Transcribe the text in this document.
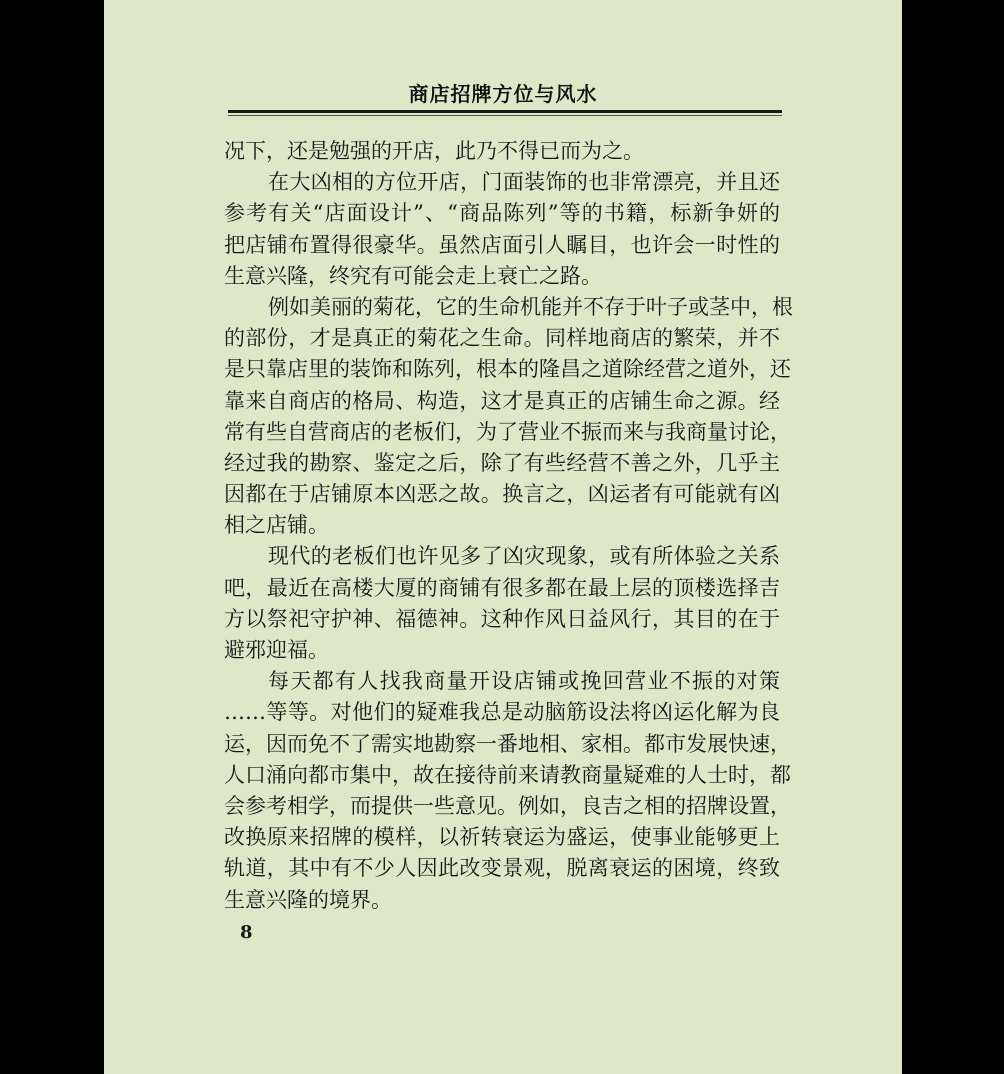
商店招牌方位与风水
况下，还是勉强的开店，此乃不得已而为之。
在大凶相的方位开店，门面装饰的也非常漂亮，并且还
参考有关“店面设计”、“商品陈列”等的书籍，标新争妍的
把店铺布置得很豪华。虽然店面引人瞩目，也许会一时性的
生意兴隆，终究有可能会走上衰亡之路。
例如美丽的菊花，它的生命机能并不存于叶子或茎中，根
的部份，才是真正的菊花之生命。同样地商店的繁荣，并不
是只靠店里的装饰和陈列，根本的隆昌之道除经营之道外，还
靠来自商店的格局、构造，这才是真正的店铺生命之源。经
常有些自营商店的老板们，为了营业不振而来与我商量讨论，
经过我的勘察、鉴定之后，除了有些经营不善之外，几乎主
因都在于店铺原本凶恶之故。换言之，凶运者有可能就有凶
相之店铺。
现代的老板们也许见多了凶灾现象，或有所体验之关系
吧，最近在高楼大厦的商铺有很多都在最上层的顶楼选择吉
方以祭祀守护神、福德神。这种作风日益风行，其目的在于
避邪迎福。
每天都有人找我商量开设店铺或挽回营业不振的对策
……等等。对他们的疑难我总是动脑筋设法将凶运化解为良
运，因而免不了需实地勘察一番地相、家相。都市发展快速，
人口涌向都市集中，故在接待前来请教商量疑难的人士时，都
会参考相学，而提供一些意见。例如，良吉之相的招牌设置，
改换原来招牌的模样，以祈转衰运为盛运，使事业能够更上
轨道，其中有不少人因此改变景观，脱离衰运的困境，终致
生意兴隆的境界。
8
